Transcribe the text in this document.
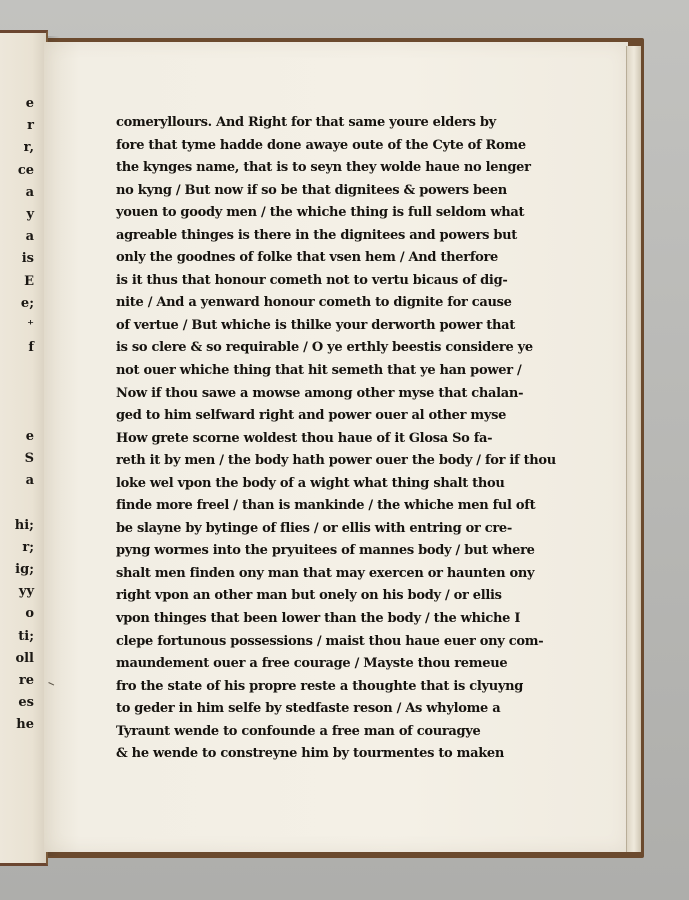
e
r
r,
ce
a
y
a
is
E
e;
⁺
f
e
S
a
hi;
r;
ig;
yy
o
ti;
oll
re
es
he
comeryllours. And Right for that same youre elders by
fore that tyme hadde done awaye oute of the Cyte of Rome
the kynges name, that is to seyn they wolde haue no lenger
no kyng / But now if so be that dignitees & powers been
youen to goody men / the whiche thing is full seldom what
agreable thinges is there in the dignitees and powers but
only the goodnes of folke that vsen hem / And therfore
is it thus that honour cometh not to vertu bicaus of dig-
nite / And a yenward honour cometh to dignite for cause
of vertue / But whiche is thilke your derworth power that
is so clere & so requirable / O ye erthly beestis considere ye
not ouer whiche thing that hit semeth that ye han power /
Now if thou sawe a mowse among other myse that chalan-
ged to him selfward right and power ouer al other myse
How grete scorne woldest thou haue of it Glosa So fa-
reth it by men / the body hath power ouer the body / for if thou
loke wel vpon the body of a wight what thing shalt thou
finde more freel / than is mankinde / the whiche men ful oft
be slayne by bytinge of flies / or ellis with entring or cre-
pyng wormes into the pryuitees of mannes body / but where
shalt men finden ony man that may exercen or haunten ony
right vpon an other man but onely on his body / or ellis
vpon thinges that been lower than the body / the whiche I
clepe fortunous possessions / maist thou haue euer ony com-
maundement ouer a free courage / Mayste thou remeue
fro the state of his propre reste a thoughte that is clyuyng
to geder in him selfe by stedfaste reson / As whylome a
Tyraunt wende to confounde a free man of couragye
& he wende to constreyne him by tourmentes to maken
